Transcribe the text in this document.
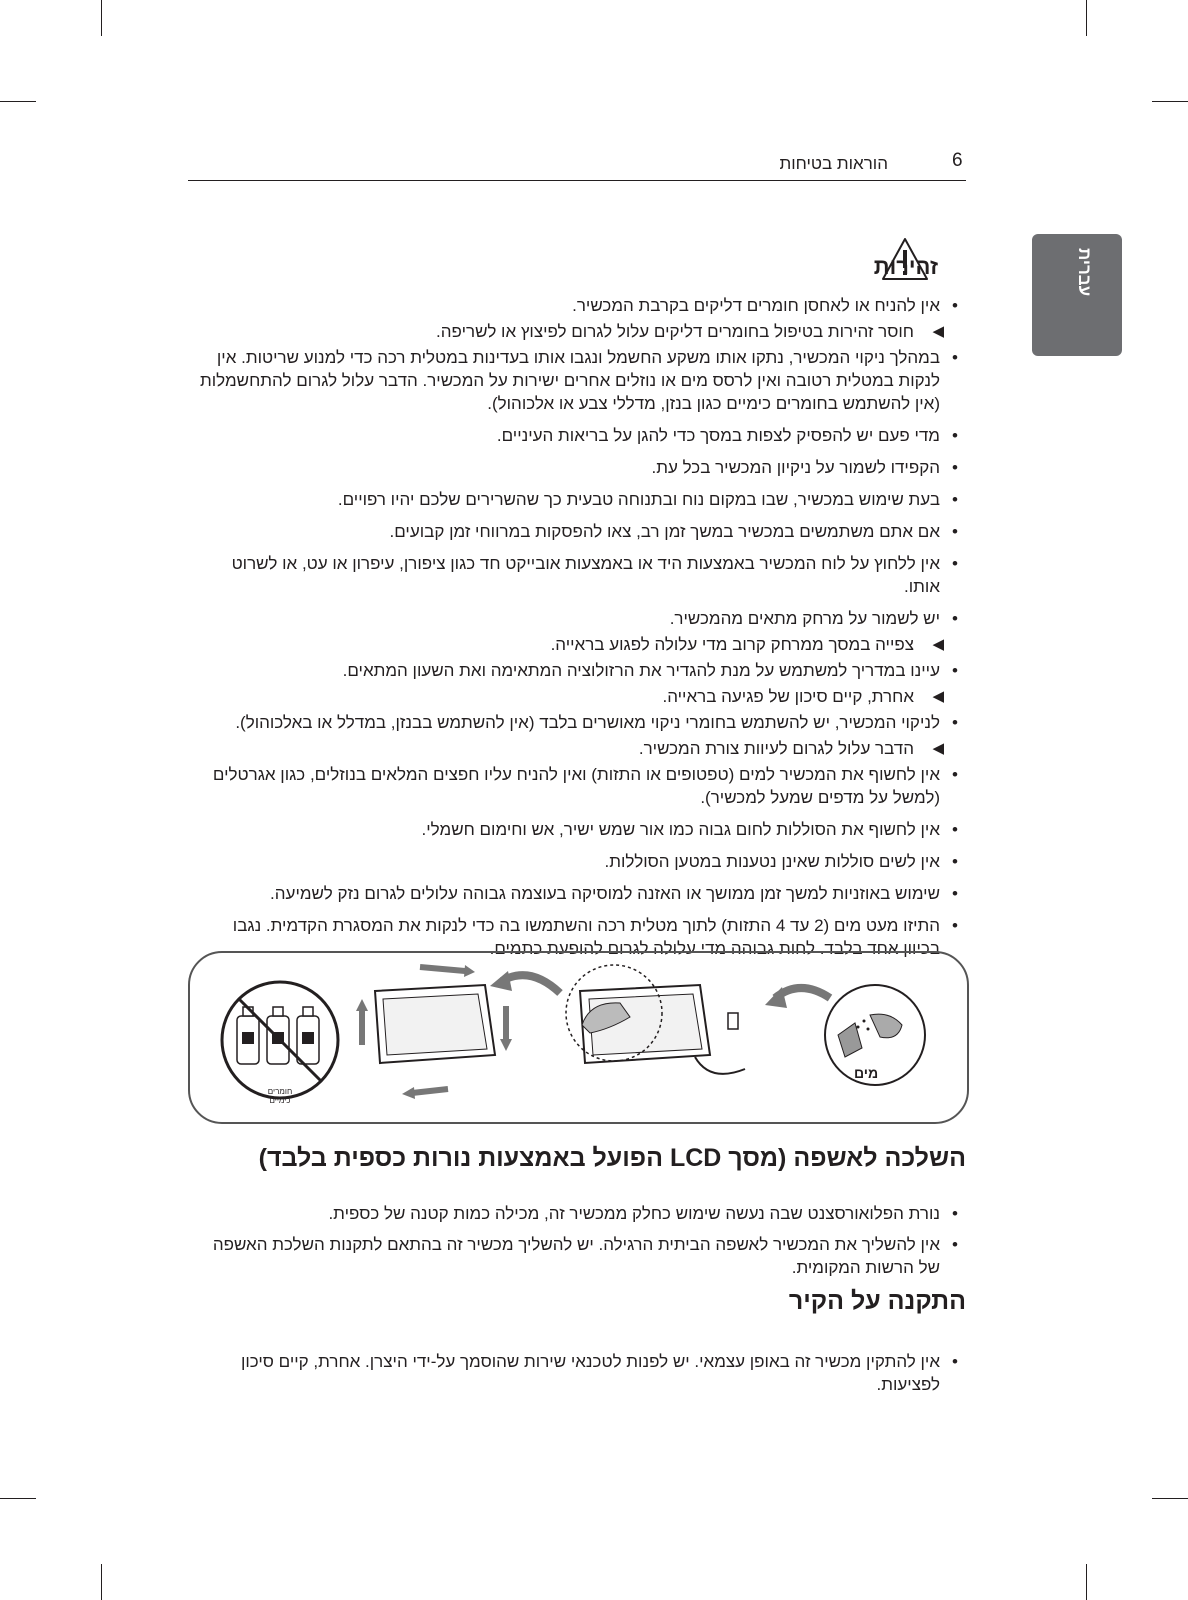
6
הוראות בטיחות
עברית
זהירות
•
אין להניח או לאחסן חומרים דליקים בקרבת המכשיר.
◀
חוסר זהירות בטיפול בחומרים דליקים עלול לגרום לפיצוץ או לשריפה.
•
במהלך ניקוי המכשיר, נתקו אותו משקע החשמל ונגבו אותו בעדינות במטלית רכה כדי למנוע שריטות. אין לנקות במטלית רטובה ואין לרסס מים או נוזלים אחרים ישירות על המכשיר. הדבר עלול לגרום להתחשמלות (אין להשתמש בחומרים כימיים כגון בנזן, מדללי צבע או אלכוהול).
•
מדי פעם יש להפסיק לצפות במסך כדי להגן על בריאות העיניים.
•
הקפידו לשמור על ניקיון המכשיר בכל עת.
•
בעת שימוש במכשיר, שבו במקום נוח ובתנוחה טבעית כך שהשרירים שלכם יהיו רפויים.
•
אם אתם משתמשים במכשיר במשך זמן רב, צאו להפסקות במרווחי זמן קבועים.
•
אין ללחוץ על לוח המכשיר באמצעות היד או באמצעות אובייקט חד כגון ציפורן, עיפרון או עט, או לשרוט אותו.
•
יש לשמור על מרחק מתאים מהמכשיר.
◀
צפייה במסך ממרחק קרוב מדי עלולה לפגוע בראייה.
•
עיינו במדריך למשתמש על מנת להגדיר את הרזולוציה המתאימה ואת השעון המתאים.
◀
אחרת, קיים סיכון של פגיעה בראייה.
•
לניקוי המכשיר, יש להשתמש בחומרי ניקוי מאושרים בלבד (אין להשתמש בבנזן, במדלל או באלכוהול).
◀
הדבר עלול לגרום לעיוות צורת המכשיר.
•
אין לחשוף את המכשיר למים (טפטופים או התזות) ואין להניח עליו חפצים המלאים בנוזלים, כגון אגרטלים (למשל על מדפים שמעל למכשיר).
•
אין לחשוף את הסוללות לחום גבוה כמו אור שמש ישיר, אש וחימום חשמלי.
•
אין לשים סוללות שאינן נטענות במטען הסוללות.
•
שימוש באוזניות למשך זמן ממושך או האזנה למוסיקה בעוצמה גבוהה עלולים לגרום נזק לשמיעה.
•
התיזו מעט מים (2 עד 4 התזות) לתוך מטלית רכה והשתמשו בה כדי לנקות את המסגרת הקדמית. נגבו בכיוון אחד בלבד. לחות גבוהה מדי עלולה לגרום להופעת כתמים.
חומרים כימיים
מים
השלכה לאשפה (מסך LCD הפועל באמצעות נורות כספית בלבד)
•
נורת הפלואורסצנט שבה נעשה שימוש כחלק ממכשיר זה, מכילה כמות קטנה של כספית.
•
אין להשליך את המכשיר לאשפה הביתית הרגילה. יש להשליך מכשיר זה בהתאם לתקנות השלכת האשפה של הרשות המקומית.
התקנה על הקיר
•
אין להתקין מכשיר זה באופן עצמאי. יש לפנות לטכנאי שירות שהוסמך על-ידי היצרן. אחרת, קיים סיכון לפציעות.
